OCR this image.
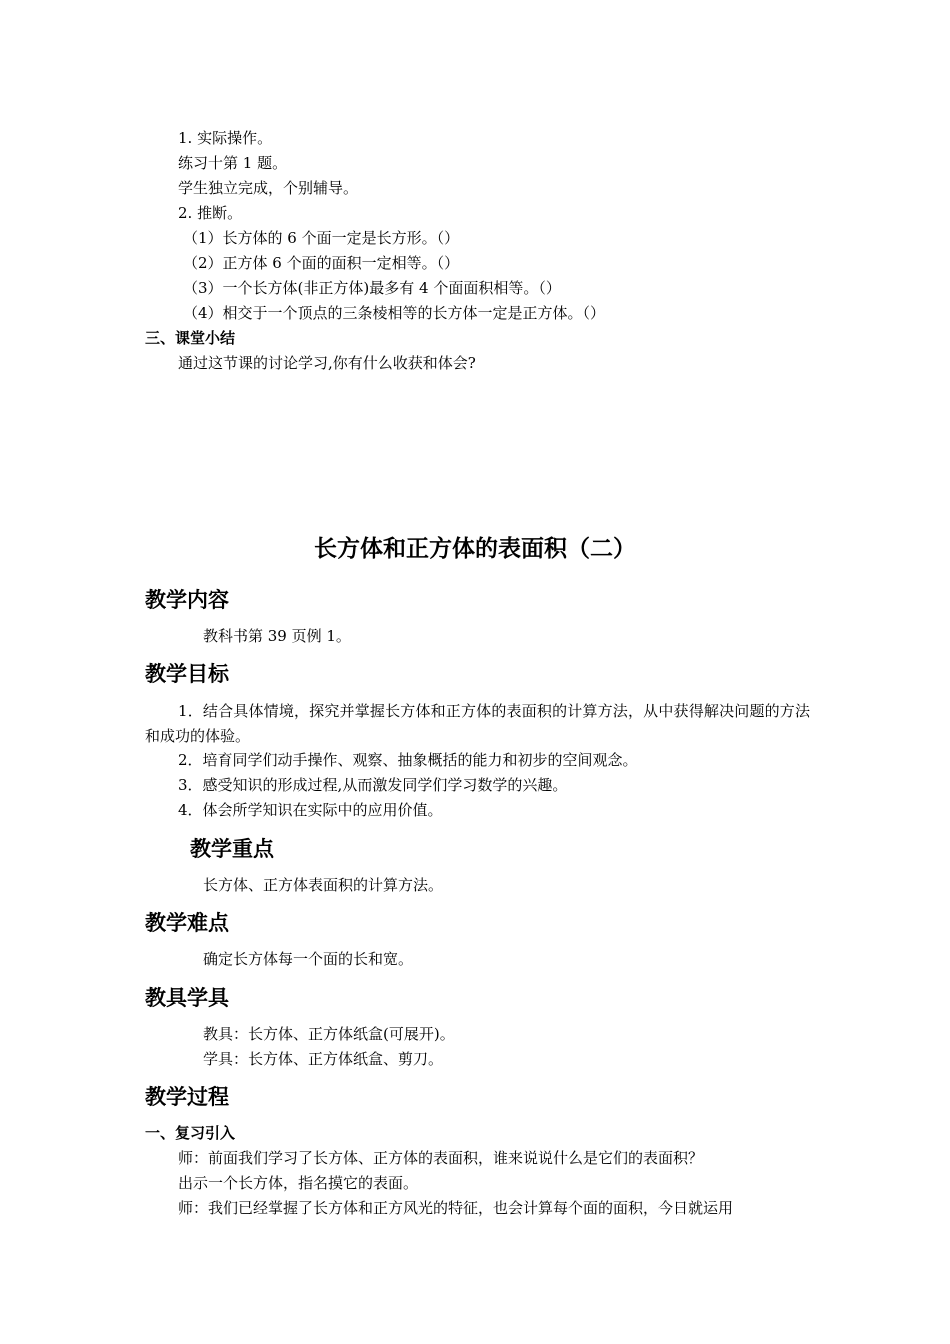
1. 实际操作。
练习十第 1 题。
学生独立完成，个别辅导。
2. 推断。
（1）长方体的 6 个面一定是长方形。（）
（2）正方体 6 个面的面积一定相等。（）
（3）一个长方体(非正方体)最多有 4 个面面积相等。（）
（4）相交于一个顶点的三条棱相等的长方体一定是正方体。（）
三、课堂小结
通过这节课的讨论学习,你有什么收获和体会?
长方体和正方体的表面积（二）
教学内容
教科书第 39 页例 1。
教学目标
1．结合具体情境，探究并掌握长方体和正方体的表面积的计算方法，从中获得解决问题的方法和成功的体验。
2．培育同学们动手操作、观察、抽象概括的能力和初步的空间观念。
3．感受知识的形成过程,从而激发同学们学习数学的兴趣。
4．体会所学知识在实际中的应用价值。
教学重点
长方体、正方体表面积的计算方法。
教学难点
确定长方体每一个面的长和宽。
教具学具
教具：长方体、正方体纸盒(可展开)。
学具：长方体、正方体纸盒、剪刀。
教学过程
一、复习引入
师：前面我们学习了长方体、正方体的表面积，谁来说说什么是它们的表面积？
出示一个长方体，指名摸它的表面。
师：我们已经掌握了长方体和正方风光的特征，也会计算每个面的面积，今日就运用
